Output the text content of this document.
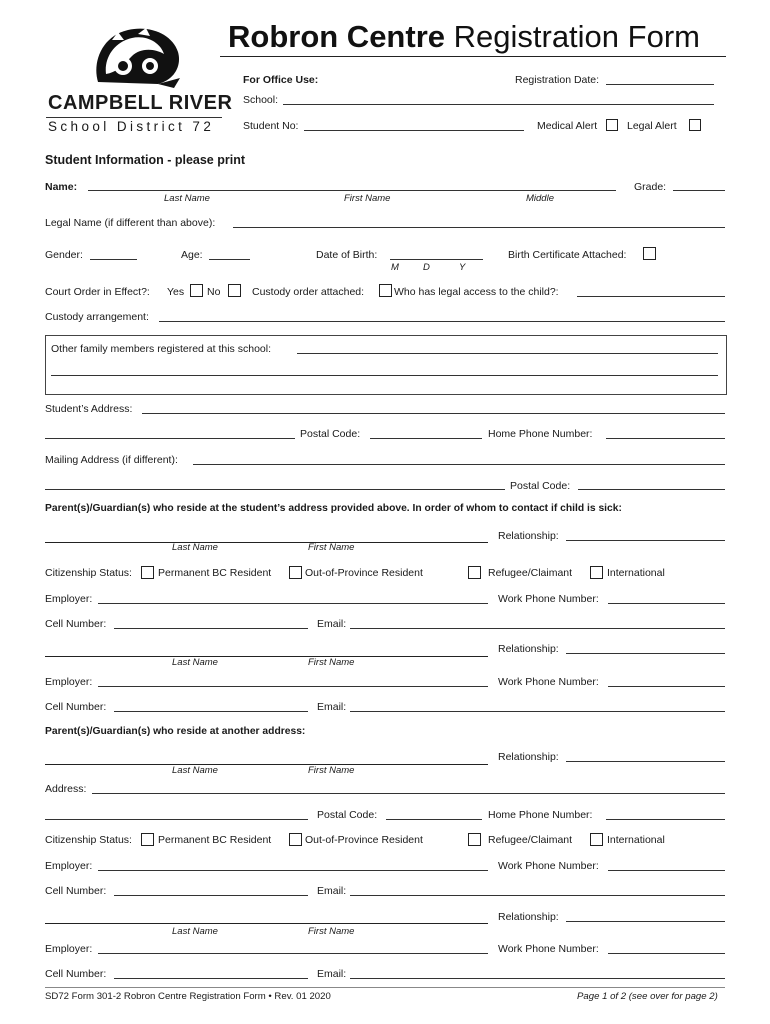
CAMPBELL RIVER
School District 72
Robron Centre Registration Form
For Office Use:	Registration Date:
School:
Student No:	Medical Alert	Legal Alert
Student Information - please print
Name:	Grade:
Last Name	First Name	Middle
Legal Name (if different than above):
Gender:	Age:	Date of Birth:
M	D	Y
Birth Certificate Attached:
Court Order in Effect?: Yes No	Custody order attached:	Who has legal access to the child?:
Custody arrangement:
Other family members registered at this school:
Student’s Address:
Postal Code:	Home Phone Number:
Mailing Address (if different):
Postal Code:
Parent(s)/Guardian(s) who reside at the student’s address provided above. In order of whom to contact if child is sick:
Relationship:
Last Name	First Name
Citizenship Status: Permanent BC Resident	Out-of-Province Resident	Refugee/Claimant	International
Employer:	Work Phone Number:
Cell Number:	Email:
Relationship:
Last Name	First Name
Employer:	Work Phone Number:
Cell Number:	Email:
Parent(s)/Guardian(s) who reside at another address:
Relationship:
Last Name	First Name
Address:
Postal Code:	Home Phone Number:
Citizenship Status: Permanent BC Resident	Out-of-Province Resident	Refugee/Claimant	International
Employer:	Work Phone Number:
Cell Number:	Email:
Relationship:
Last Name	First Name
Employer:	Work Phone Number:
Cell Number:	Email:
SD72 Form 301-2 Robron Centre Registration Form • Rev. 01 2020	Page 1 of 2 (see over for page 2)
